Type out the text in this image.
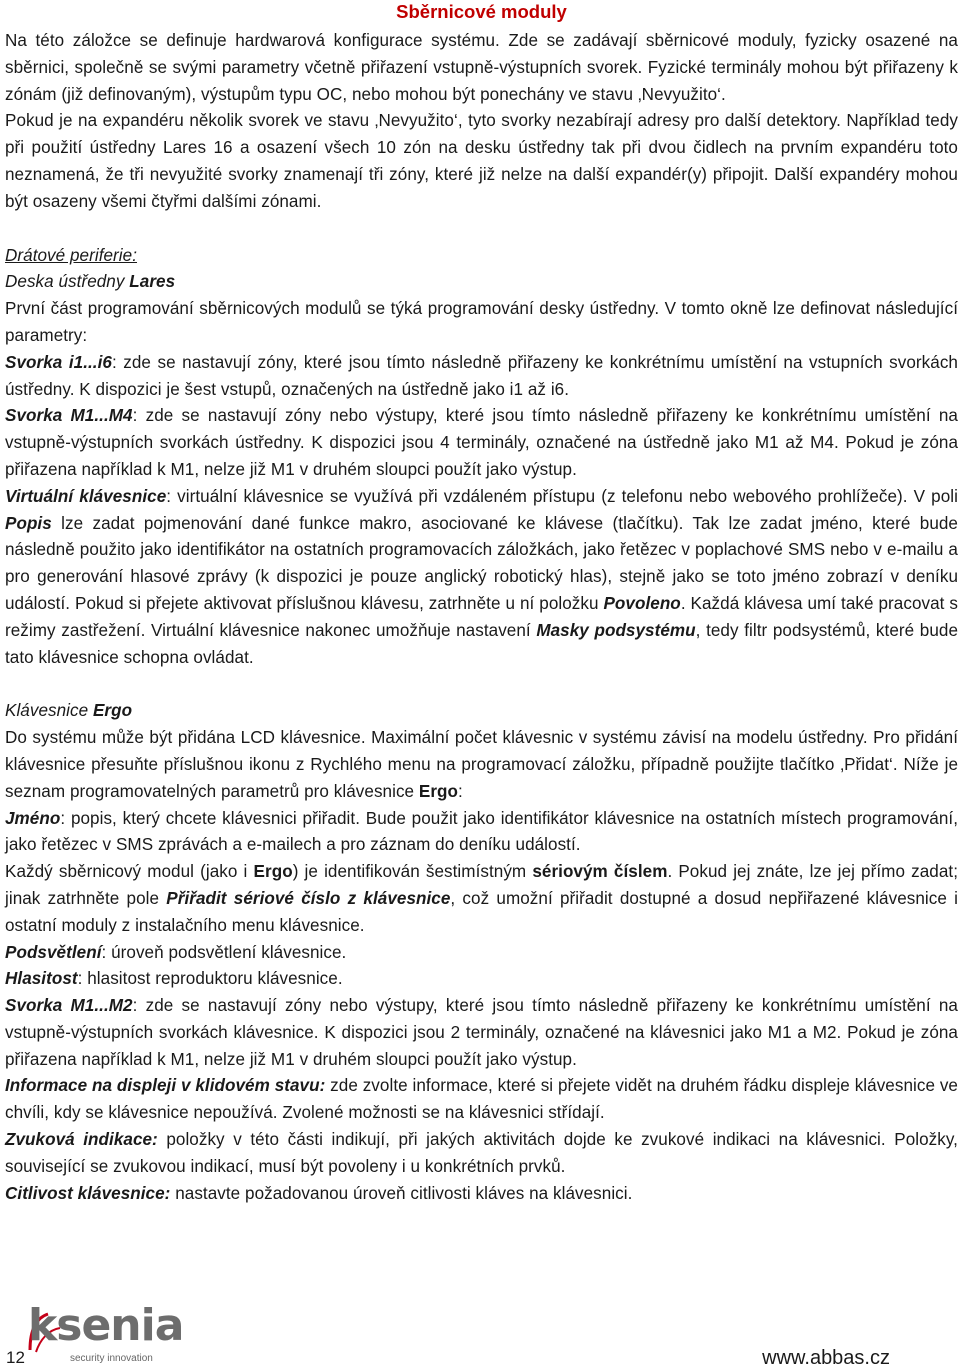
Sběrnicové moduly

Na této záložce se definuje hardwarová konfigurace systému. Zde se zadávají sběrnicové moduly, fyzicky osazené na sběrnici, společně se svými parametry včetně přiřazení vstupně-výstupních svorek. Fyzické terminály mohou být přiřazeny k zónám (již definovaným), výstupům typu OC, nebo mohou být ponechány ve stavu ‚Nevyužito‘.

Pokud je na expandéru několik svorek ve stavu ‚Nevyužito‘, tyto svorky nezabírají adresy pro další detektory. Například tedy při použití ústředny Lares 16 a osazení všech 10 zón na desku ústředny tak při dvou čidlech na prvním expandéru toto neznamená, že tři nevyužité svorky znamenají tři zóny, které již nelze na další expandér(y) připojit. Další expandéry mohou být osazeny všemi čtyřmi dalšími zónami.

Drátové periferie:

Deska ústředny Lares

První část programování sběrnicových modulů se týká programování desky ústředny. V tomto okně lze definovat následující parametry:

Svorka i1...i6: zde se nastavují zóny, které jsou tímto následně přiřazeny ke konkrétnímu umístění na vstupních svorkách ústředny. K dispozici je šest vstupů, označených na ústředně jako i1 až i6.

Svorka M1...M4: zde se nastavují zóny nebo výstupy, které jsou tímto následně přiřazeny ke konkrétnímu umístění na vstupně-výstupních svorkách ústředny. K dispozici jsou 4 terminály, označené na ústředně jako M1 až M4. Pokud je zóna přiřazena například k M1, nelze již M1 v druhém sloupci použít jako výstup.

Virtuální klávesnice: virtuální klávesnice se využívá při vzdáleném přístupu (z telefonu nebo webového prohlížeče). V poli Popis lze zadat pojmenování dané funkce makro, asociované ke klávese (tlačítku). Tak lze zadat jméno, které bude následně použito jako identifikátor na ostatních programovacích záložkách, jako řetězec v poplachové SMS nebo v e-mailu a pro generování hlasové zprávy (k dispozici je pouze anglický robotický hlas), stejně jako se toto jméno zobrazí v deníku událostí. Pokud si přejete aktivovat příslušnou klávesu, zatrhněte u ní položku Povoleno. Každá klávesa umí také pracovat s režimy zastřežení. Virtuální klávesnice nakonec umožňuje nastavení Masky podsystému, tedy filtr podsystémů, které bude tato klávesnice schopna ovládat.

Klávesnice Ergo

Do systému může být přidána LCD klávesnice. Maximální počet klávesnic v systému závisí na modelu ústředny. Pro přidání klávesnice přesuňte příslušnou ikonu z Rychlého menu na programovací záložku, případně použijte tlačítko ‚Přidat‘. Níže je seznam programovatelných parametrů pro klávesnice Ergo:

Jméno: popis, který chcete klávesnici přiřadit. Bude použit jako identifikátor klávesnice na ostatních místech programování, jako řetězec v SMS zprávách a e-mailech a pro záznam do deníku událostí.

Každý sběrnicový modul (jako i Ergo) je identifikován šestimístným sériovým číslem. Pokud jej znáte, lze jej přímo zadat; jinak zatrhněte pole Přiřadit sériové číslo z klávesnice, což umožní přiřadit dostupné a dosud nepřiřazené klávesnice i ostatní moduly z instalačního menu klávesnice.

Podsvětlení: úroveň podsvětlení klávesnice.

Hlasitost: hlasitost reproduktoru klávesnice.

Svorka M1...M2: zde se nastavují zóny nebo výstupy, které jsou tímto následně přiřazeny ke konkrétnímu umístění na vstupně-výstupních svorkách klávesnice. K dispozici jsou 2 terminály, označené na klávesnici jako M1 a M2. Pokud je zóna přiřazena například k M1, nelze již M1 v druhém sloupci použít jako výstup.

Informace na displeji v klidovém stavu: zde zvolte informace, které si přejete vidět na druhém řádku displeje klávesnice ve chvíli, kdy se klávesnice nepoužívá. Zvolené možnosti se na klávesnici střídají.

Zvuková indikace: položky v této části indikují, při jakých aktivitách dojde ke zvukové indikaci na klávesnici. Položky, související se zvukovou indikací, musí být povoleny i u konkrétních prvků.

Citlivost klávesnice: nastavte požadovanou úroveň citlivosti kláves na klávesnici.

12
ksenia
security innovation	www.abbas.cz
